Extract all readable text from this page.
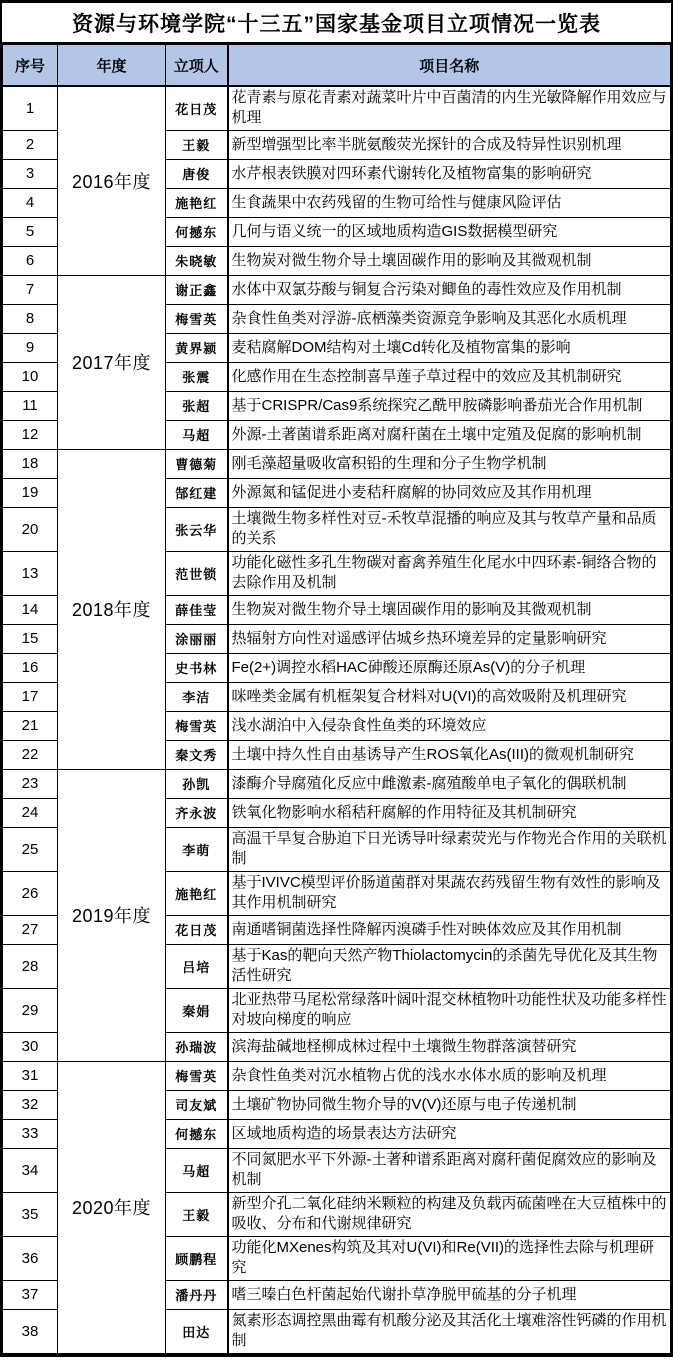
资源与环境学院“十三五”国家基金项目立项情况一览表
序号	年度	立项人	项目名称
1	2016年度	花日茂	花青素与原花青素对蔬菜叶片中百菌清的内生光敏降解作用效应与机理
2		王毅	新型增强型比率半胱氨酸荧光探针的合成及特异性识别机理
3		唐俊	水芹根表铁膜对四环素代谢转化及植物富集的影响研究
4		施艳红	生食蔬果中农药残留的生物可给性与健康风险评估
5		何撼东	几何与语义统一的区域地质构造GIS数据模型研究
6		朱晓敏	生物炭对微生物介导土壤固碳作用的影响及其微观机制
7	2017年度	谢正鑫	水体中双氯芬酸与铜复合污染对鲫鱼的毒性效应及作用机制
8		梅雪英	杂食性鱼类对浮游-底栖藻类资源竞争影响及其恶化水质机理
9		黄界颍	麦秸腐解DOM结构对土壤Cd转化及植物富集的影响
10		张震	化感作用在生态控制喜旱莲子草过程中的效应及其机制研究
11		张超	基于CRISPR/Cas9系统探究乙酰甲胺磷影响番茄光合作用机制
12		马超	外源-土著菌谱系距离对腐秆菌在土壤中定殖及促腐的影响机制
18	2018年度	曹德菊	刚毛藻超量吸收富积铅的生理和分子生物学机制
19		郜红建	外源氮和锰促进小麦秸秆腐解的协同效应及其作用机理
20		张云华	土壤微生物多样性对豆-禾牧草混播的响应及其与牧草产量和品质的关系
13		范世锁	功能化磁性多孔生物碳对畜禽养殖生化尾水中四环素-铜络合物的去除作用及机制
14		薛佳莹	生物炭对微生物介导土壤固碳作用的影响及其微观机制
15		涂丽丽	热辐射方向性对遥感评估城乡热环境差异的定量影响研究
16		史书林	Fe(2+)调控水稻HAC砷酸还原酶还原As(V)的分子机理
17		李洁	咪唑类金属有机框架复合材料对U(VI)的高效吸附及机理研究
21		梅雪英	浅水湖泊中入侵杂食性鱼类的环境效应
22		秦文秀	土壤中持久性自由基诱导产生ROS氧化As(III)的微观机制研究
23	2019年度	孙凯	漆酶介导腐殖化反应中雌激素-腐殖酸单电子氧化的偶联机制
24		齐永波	铁氧化物影响水稻秸秆腐解的作用特征及其机制研究
25		李萌	高温干旱复合胁迫下日光诱导叶绿素荧光与作物光合作用的关联机制
26		施艳红	基于IVIVC模型评价肠道菌群对果蔬农药残留生物有效性的影响及其作用机制研究
27		花日茂	南通嗜铜菌选择性降解丙溴磷手性对映体效应及其作用机制
28		吕培	基于Kas的靶向天然产物Thiolactomycin的杀菌先导优化及其生物活性研究
29		秦娟	北亚热带马尾松常绿落叶阔叶混交林植物叶功能性状及功能多样性对坡向梯度的响应
30		孙瑞波	滨海盐碱地柽柳成林过程中土壤微生物群落演替研究
31	2020年度	梅雪英	杂食性鱼类对沉水植物占优的浅水水体水质的影响及机理
32		司友斌	土壤矿物协同微生物介导的V(V)还原与电子传递机制
33		何撼东	区域地质构造的场景表达方法研究
34		马超	不同氮肥水平下外源-土著种谱系距离对腐秆菌促腐效应的影响及机制
35		王毅	新型介孔二氧化硅纳米颗粒的构建及负载丙硫菌唑在大豆植株中的吸收、分布和代谢规律研究
36		顾鹏程	功能化MXenes构筑及其对U(VI)和Re(VII)的选择性去除与机理研究
37		潘丹丹	嗜三嗪白色杆菌起始代谢扑草净脱甲硫基的分子机理
38		田达	氮素形态调控黑曲霉有机酸分泌及其活化土壤难溶性钙磷的作用机制
